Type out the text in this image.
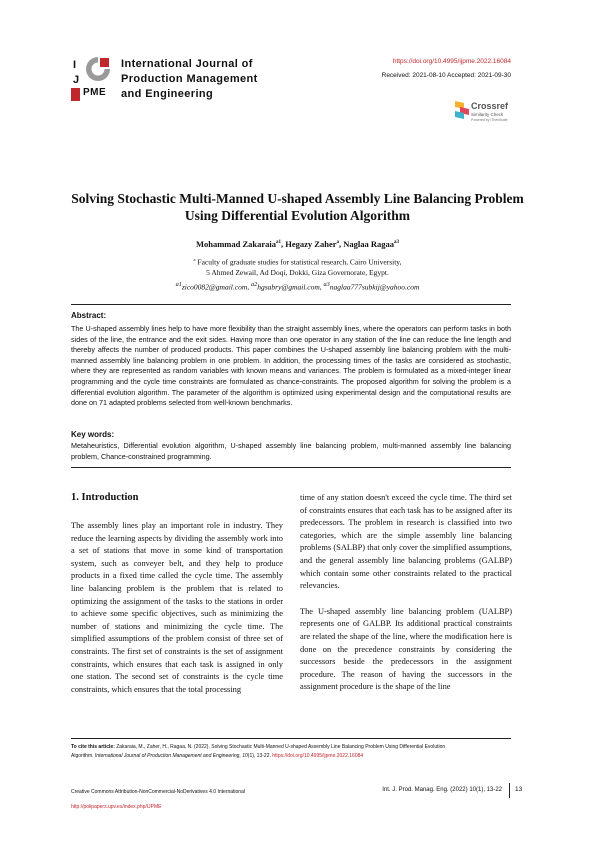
I
J
PME
International Journal of
Production Management
and Engineering
https://doi.org/10.4995/ijpme.2022.16084
Received: 2021-08-10 Accepted: 2021-09-30
Crossref
Similarity Check
Powered by iThenticate
Solving Stochastic Multi-Manned U-shaped Assembly Line Balancing Problem Using Differential Evolution Algorithm
Mohammad Zakaraia$^{a1}$, Hegazy Zaher$^a$, Naglaa Ragaa$^{a3}$
$^a$ Faculty of graduate studies for statistical research, Cairo University,
5 Ahmed Zewail, Ad Doqi, Dokki, Giza Governorate, Egypt.
$^{a1}$zico0082@gmail.com, $^{a2}$hgsabry@gmail.com, $^{a3}$naglaa777subkij@yahoo.com
Abstract:
The U-shaped assembly lines help to have more flexibility than the straight assembly lines, where the operators can perform tasks in both sides of the line, the entrance and the exit sides. Having more than one operator in any station of the line can reduce the line length and thereby affects the number of produced products. This paper combines the U-shaped assembly line balancing problem with the multi-manned assembly line balancing problem in one problem. In addition, the processing times of the tasks are considered as stochastic, where they are represented as random variables with known means and variances. The problem is formulated as a mixed-integer linear programming and the cycle time constraints are formulated as chance-constraints. The proposed algorithm for solving the problem is a differential evolution algorithm. The parameter of the algorithm is optimized using experimental design and the computational results are done on 71 adapted problems selected from well-known benchmarks.
Key words:
Metaheuristics, Differential evolution algorithm, U-shaped assembly line balancing problem, multi-manned assembly line balancing problem, Chance-constrained programming.
1. Introduction

The assembly lines play an important role in industry. They reduce the learning aspects by dividing the assembly work into a set of stations that move in some kind of transportation system, such as conveyer belt, and they help to produce products in a fixed time called the cycle time. The assembly line balancing problem is the problem that is related to optimizing the assignment of the tasks to the stations in order to achieve some specific objectives, such as minimizing the number of stations and minimizing the cycle time. The simplified assumptions of the problem consist of three set of constraints. The first set of constraints is the set of assignment constraints, which ensures that each task is assigned in only one station. The second set of constraints is the cycle time constraints, which ensures that the total processing

time of any station doesn't exceed the cycle time. The third set of constraints ensures that each task has to be assigned after its predecessors. The problem in research is classified into two categories, which are the simple assembly line balancing problems (SALBP) that only cover the simplified assumptions, and the general assembly line balancing problems (GALBP) which contain some other constraints related to the practical relevancies.

The U-shaped assembly line balancing problem (UALBP) represents one of GALBP. Its additional practical constraints are related the shape of the line, where the modification here is done on the precedence constraints by considering the successors beside the predecessors in the assignment procedure. The reason of having the successors in the assignment procedure is the shape of the line

To cite this article: Zakaraia, M., Zaher, H., Ragaa, N. (2022). Solving Stochastic Multi-Manned U-shaped Assembly Line Balancing Problem Using Differential Evolution
Algorithm. International Journal of Production Management and Engineering, 10(1), 13-22. https://doi.org/10.4995/ijpme.2022.16084
Creative Commons Attribution-NonCommercial-NoDerivatives 4.0 International	Int. J. Prod. Manag. Eng. (2022) 10(1), 13-22 13
http://polipapers.upv.es/index.php/IJPME
